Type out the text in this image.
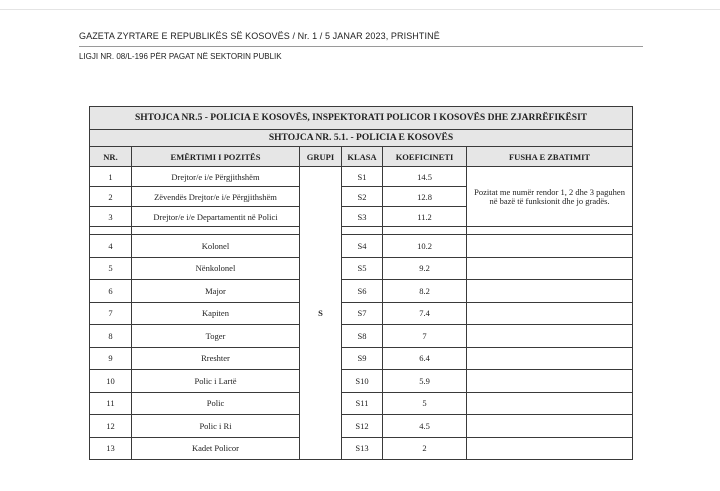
GAZETA ZYRTARE E REPUBLIKËS SË KOSOVËS / Nr. 1 / 5 JANAR 2023, PRISHTINË
LIGJI NR. 08/L-196 PËR PAGAT NË SEKTORIN PUBLIK
SHTOJCA NR.5 - POLICIA E KOSOVËS, INSPEKTORATI POLICOR I KOSOVËS DHE ZJARRËFIKËSIT					
SHTOJCA NR. 5.1. - POLICIA E KOSOVËS					
NR.	EMËRTIMI I POZITËS	GRUPI	KLASA	KOEFICINETI	FUSHA E ZBATIMIT
1	Drejtor/e i/e Përgjithshëm	S	S1	14.5	Pozitat me numër rendor 1, 2 dhe 3 paguhen në bazë të funksionit dhe jo gradës.
2	Zëvendës Drejtor/e i/e Përgjithshëm		S2	12.8	
3	Drejtor/e i/e Departamentit në Polici		S3	11.2	

4	Kolonel		S4	10.2	
5	Nënkolonel		S5	9.2	
6	Major		S6	8.2	
7	Kapiten		S7	7.4	
8	Toger		S8	7	
9	Rreshter		S9	6.4	
10	Polic i Lartë		S10	5.9	
11	Polic		S11	5	
12	Polic i Ri		S12	4.5	
13	Kadet Policor		S13	2	
